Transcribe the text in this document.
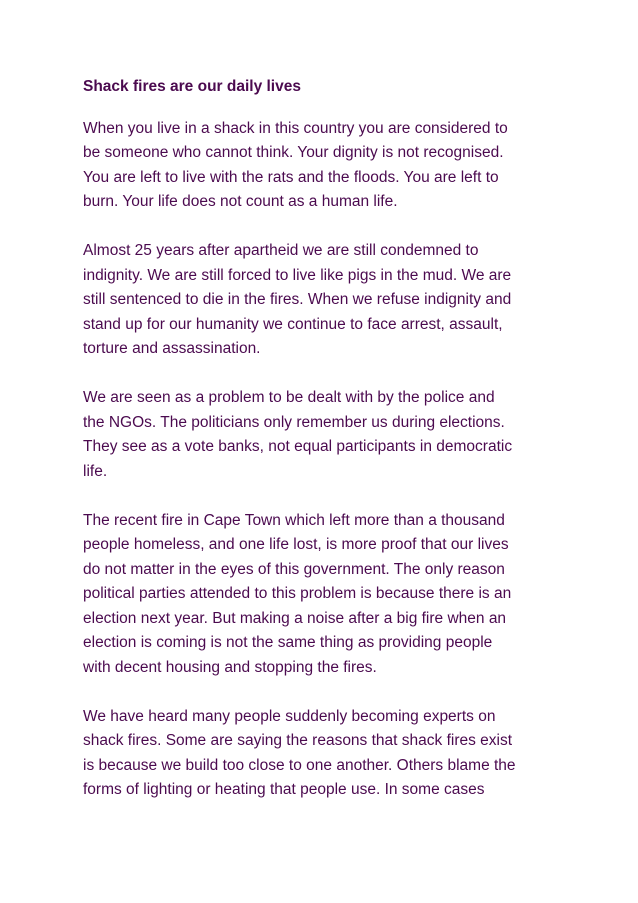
Shack fires are our daily lives
When you live in a shack in this country you are considered to
be someone who cannot think. Your dignity is not recognised.
You are left to live with the rats and the floods. You are left to
burn. Your life does not count as a human life.
Almost 25 years after apartheid we are still condemned to
indignity. We are still forced to live like pigs in the mud. We are
still sentenced to die in the fires. When we refuse indignity and
stand up for our humanity we continue to face arrest, assault,
torture and assassination.
We are seen as a problem to be dealt with by the police and
the NGOs. The politicians only remember us during elections.
They see as a vote banks, not equal participants in democratic
life.
The recent fire in Cape Town which left more than a thousand
people homeless, and one life lost, is more proof that our lives
do not matter in the eyes of this government. The only reason
political parties attended to this problem is because there is an
election next year. But making a noise after a big fire when an
election is coming is not the same thing as providing people
with decent housing and stopping the fires.
We have heard many people suddenly becoming experts on
shack fires. Some are saying the reasons that shack fires exist
is because we build too close to one another. Others blame the
forms of lighting or heating that people use. In some cases
